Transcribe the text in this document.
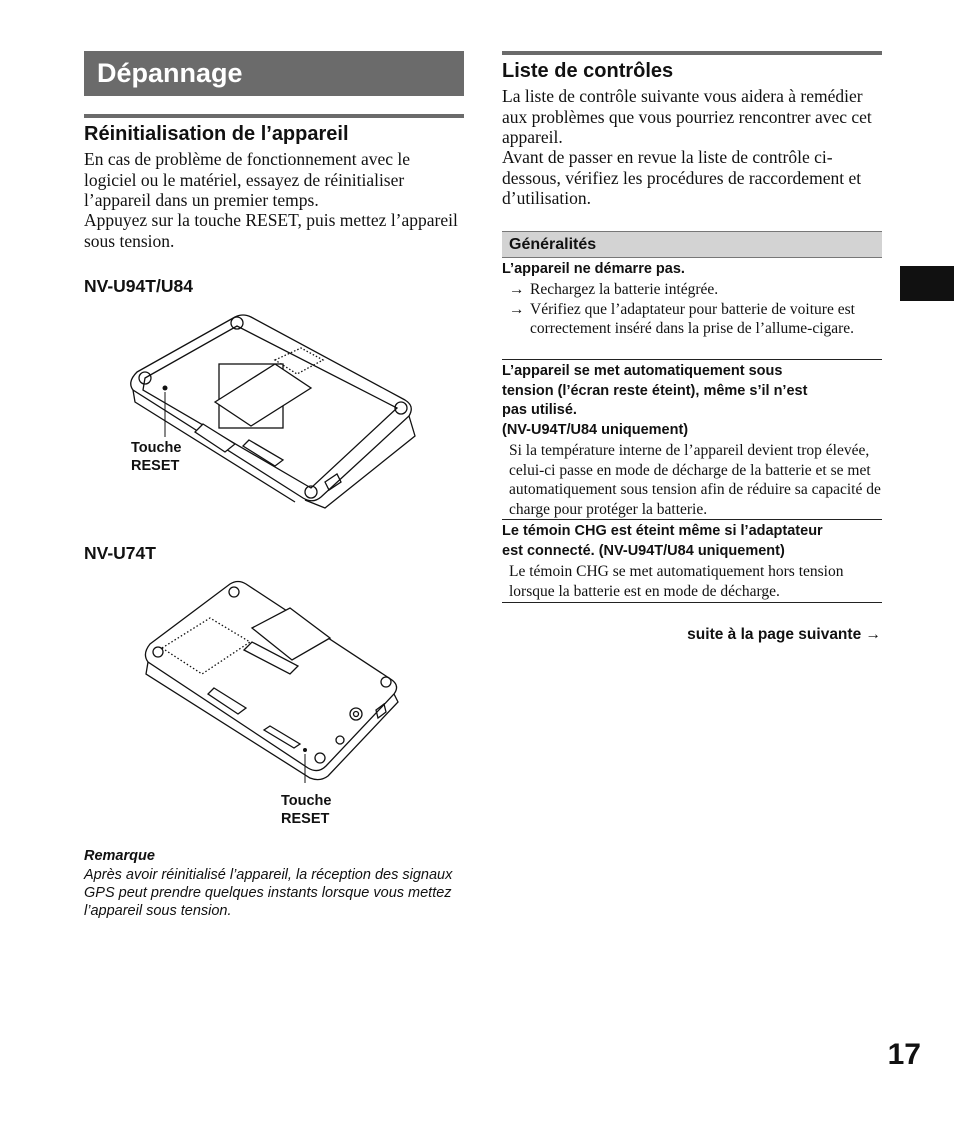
Dépannage
Réinitialisation de l’appareil

En cas de problème de fonctionnement avec le logiciel ou le matériel, essayez de réinitialiser l’appareil dans un premier temps.

Appuyez sur la touche RESET, puis mettez l’appareil sous tension.

NV-U94T/U84
Touche
RESET
NV-U74T
Touche
RESET
Remarque

Après avoir réinitialisé l’appareil, la réception des signaux GPS peut prendre quelques instants lorsque vous mettez l’appareil sous tension.

Liste de contrôles

La liste de contrôle suivante vous aidera à remédier aux problèmes que vous pourriez rencontrer avec cet appareil.

Avant de passer en revue la liste de contrôle ci-dessous, vérifiez les procédures de raccordement et d’utilisation.

Généralités
L’appareil ne démarre pas.
→ Rechargez la batterie intégrée.
→ Vérifiez que l’adaptateur pour batterie de voiture est correctement inséré dans la prise de l’allume-cigare.
L’appareil se met automatiquement sous
tension (l’écran reste éteint), même s’il n’est
pas utilisé.
(NV-U94T/U84 uniquement)
Si la température interne de l’appareil devient trop élevée, celui-ci passe en mode de décharge de la batterie et se met automatiquement sous tension afin de réduire sa capacité de charge pour protéger la batterie.
Le témoin CHG est éteint même si l’adaptateur
est connecté. (NV-U94T/U84 uniquement)
Le témoin CHG se met automatiquement hors tension lorsque la batterie est en mode de décharge.
suite à la page suivante →
17
